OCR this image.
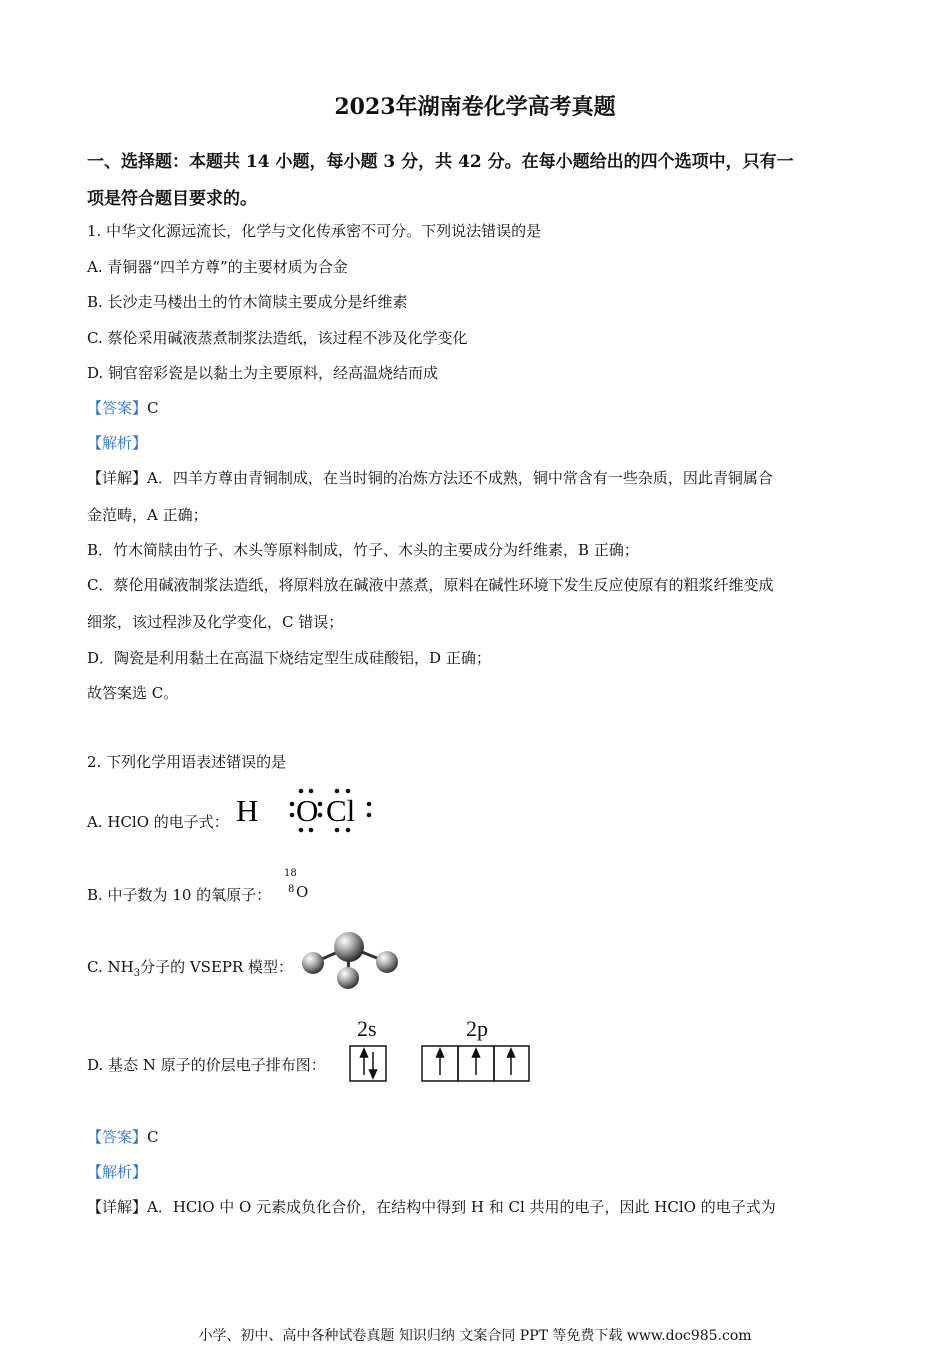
2023年湖南卷化学高考真题
一、选择题：本题共 14 小题，每小题 3 分，共 42 分。在每小题给出的四个选项中，只有一
项是符合题目要求的。
1. 中华文化源远流长，化学与文化传承密不可分。下列说法错误的是
A. 青铜器“四羊方尊”的主要材质为合金
B. 长沙走马楼出土的竹木简牍主要成分是纤维素
C. 蔡伦采用碱液蒸煮制浆法造纸，该过程不涉及化学变化
D. 铜官窑彩瓷是以黏土为主要原料，经高温烧结而成
【答案】C
【解析】
【详解】A．四羊方尊由青铜制成，在当时铜的冶炼方法还不成熟，铜中常含有一些杂质，因此青铜属合
金范畴，A 正确；
B．竹木简牍由竹子、木头等原料制成，竹子、木头的主要成分为纤维素，B 正确；
C．蔡伦用碱液制浆法造纸，将原料放在碱液中蒸煮，原料在碱性环境下发生反应使原有的粗浆纤维变成
细浆，该过程涉及化学变化，C 错误；
D．陶瓷是利用黏土在高温下烧结定型生成硅酸铝，D 正确；
故答案选 C。
2. 下列化学用语表述错误的是
A. HClO 的电子式： H O Cl
B. 中子数为 10 的氧原子：
18
8 O
C. $NH_3$分子的 VSEPR 模型：
D. 基态 N 原子的价层电子排布图：
2s	2p
【答案】C
【解析】
【详解】A．HClO 中 O 元素成负化合价，在结构中得到 H 和 Cl 共用的电子，因此 HClO 的电子式为
小学、初中、高中各种试卷真题 知识归纳 文案合同 PPT 等免费下载 www.doc985.com
